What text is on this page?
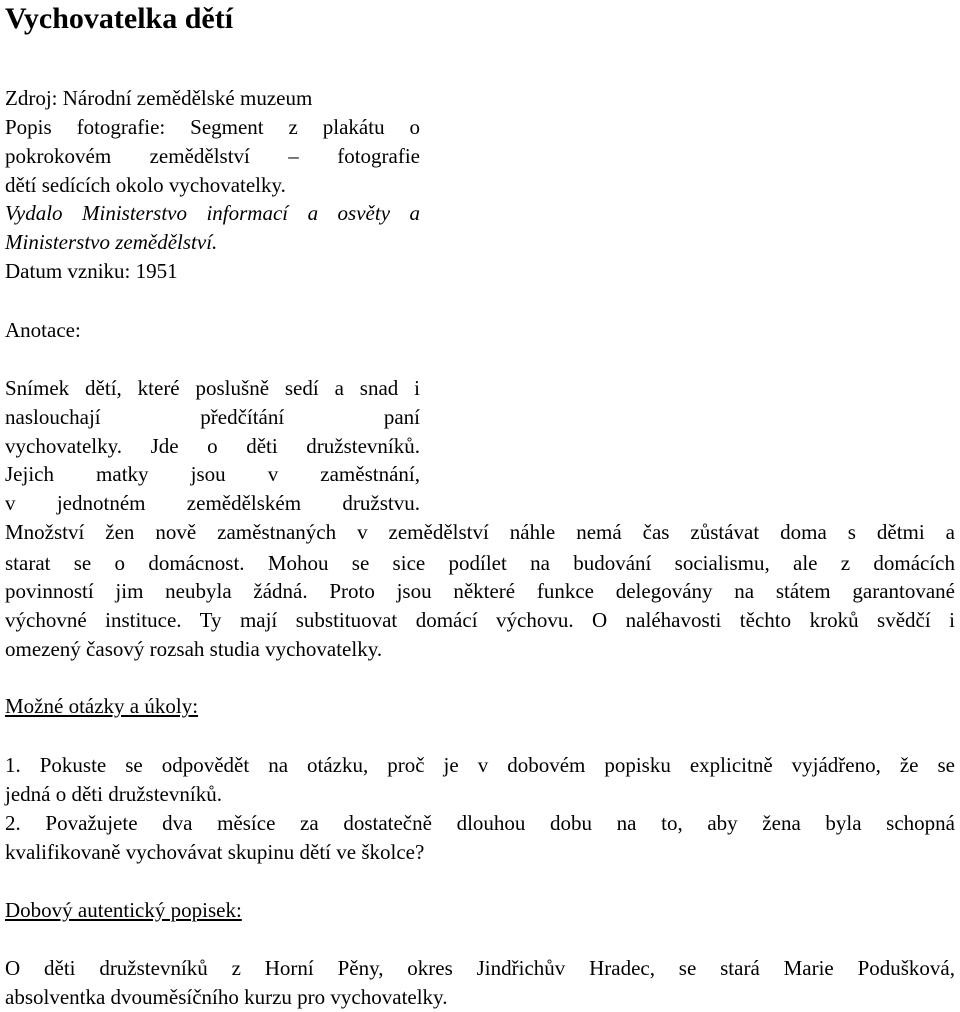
Vychovatelka dětí
Zdroj: Národní zemědělské muzeum
Popis fotografie: Segment z plakátu o
pokrokovém zemědělství – fotografie
dětí sedících okolo vychovatelky.
Vydalo Ministerstvo informací a osvěty a
Ministerstvo zemědělství.
Datum vzniku: 1951
Anotace:
Snímek dětí, které poslušně sedí a snad i
naslouchají předčítání paní
vychovatelky. Jde o děti družstevníků.
Jejich matky jsou v zaměstnání,
v jednotném zemědělském družstvu.
Množství žen nově zaměstnaných v zemědělství náhle nemá čas zůstávat doma s dětmi a
starat se o domácnost. Mohou se sice podílet na budování socialismu, ale z domácích
povinností jim neubyla žádná. Proto jsou některé funkce delegovány na státem garantované
výchovné instituce. Ty mají substituovat domácí výchovu. O naléhavosti těchto kroků svědčí i
omezený časový rozsah studia vychovatelky.
Možné otázky a úkoly:
1. Pokuste se odpovědět na otázku, proč je v dobovém popisku explicitně vyjádřeno, že se
jedná o děti družstevníků.
2. Považujete dva měsíce za dostatečně dlouhou dobu na to, aby žena byla schopná
kvalifikovaně vychovávat skupinu dětí ve školce?
Dobový autentický popisek:
O děti družstevníků z Horní Pěny, okres Jindřichův Hradec, se stará Marie Podušková,
absolventka dvouměsíčního kurzu pro vychovatelky.
